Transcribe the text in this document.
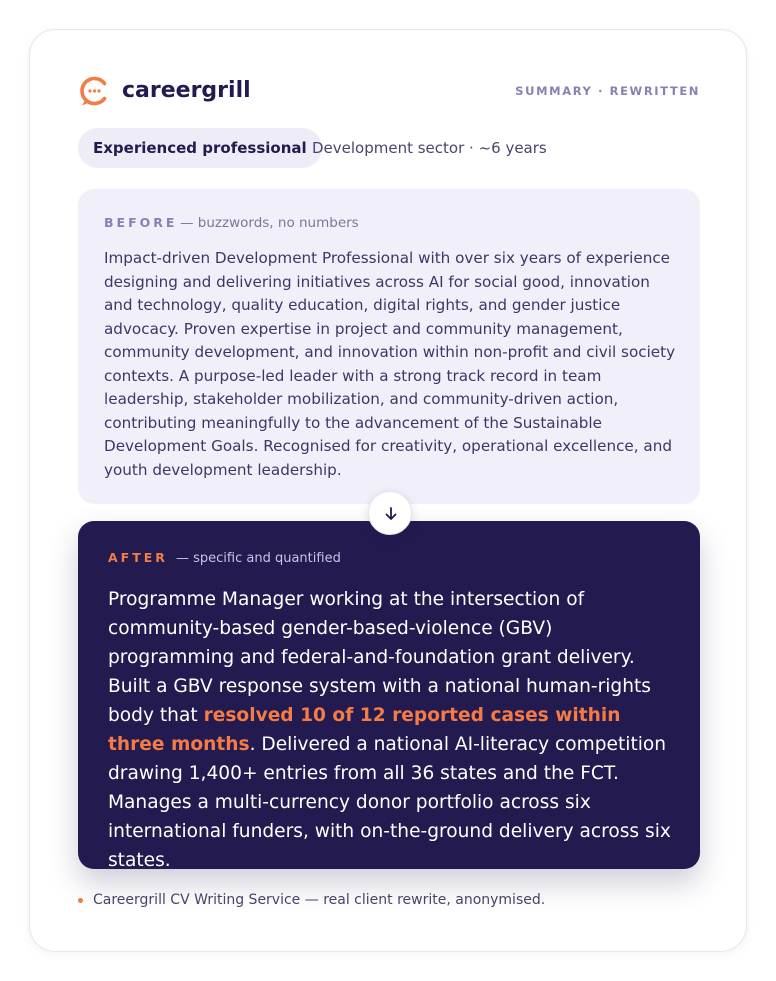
careergrill	SUMMARY · REWRITTEN
Experienced professional Development sector · ~6 years
BEFORE — buzzwords, no numbers
Impact-driven Development Professional with over six years of experience designing and delivering initiatives across AI for social good, innovation and technology, quality education, digital rights, and gender justice advocacy. Proven expertise in project and community management, community development, and innovation within non-profit and civil society contexts. A purpose-led leader with a strong track record in team leadership, stakeholder mobilization, and community-driven action, contributing meaningfully to the advancement of the Sustainable Development Goals. Recognised for creativity, operational excellence, and youth development leadership.
AFTER — specific and quantified
Programme Manager working at the intersection of community-based gender-based-violence (GBV) programming and federal-and-foundation grant delivery. Built a GBV response system with a national human-rights body that resolved 10 of 12 reported cases within three months. Delivered a national AI-literacy competition drawing 1,400+ entries from all 36 states and the FCT. Manages a multi-currency donor portfolio across six international funders, with on-the-ground delivery across six states.
Careergrill CV Writing Service — real client rewrite, anonymised.
